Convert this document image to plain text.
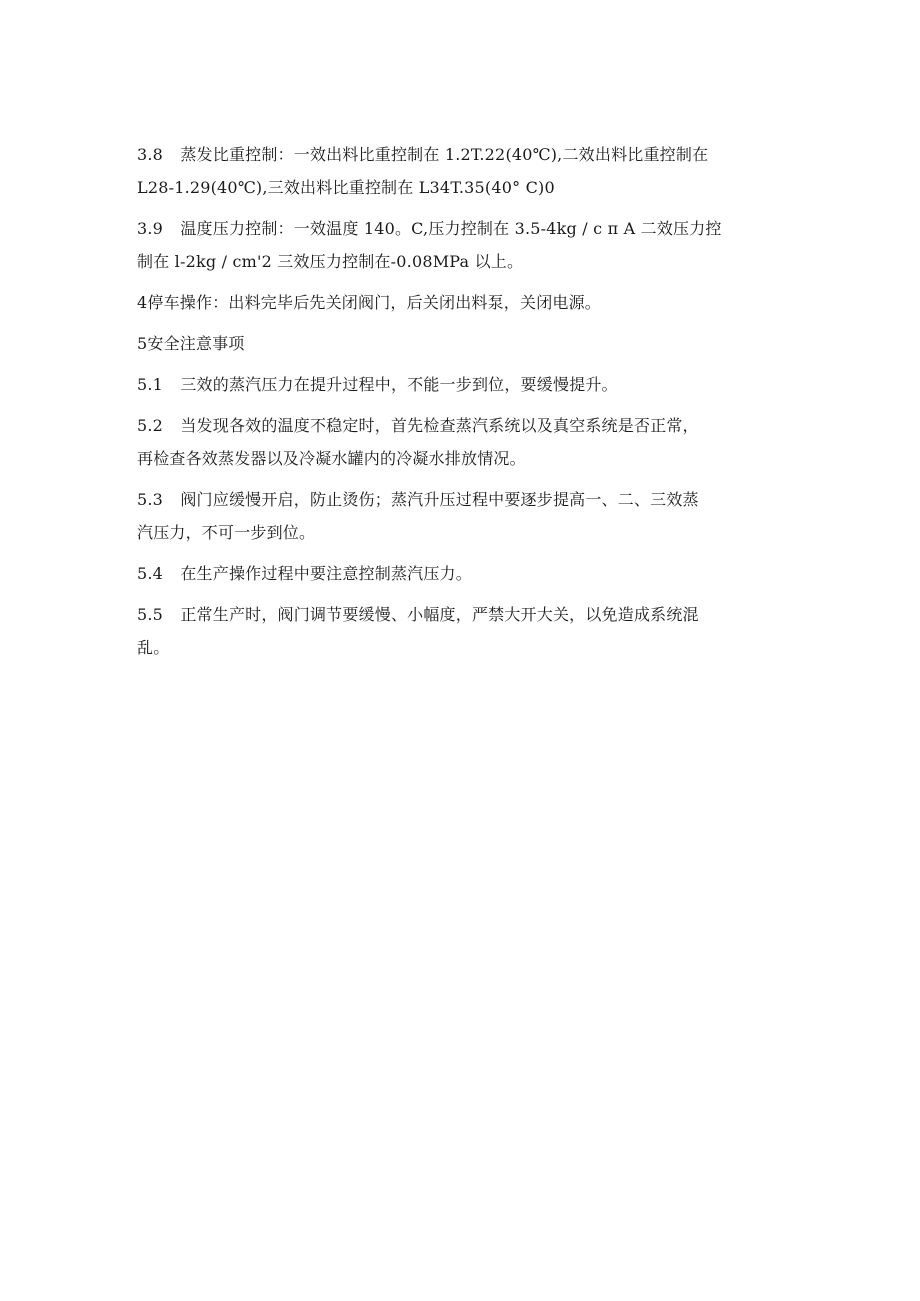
3.8 蒸发比重控制：一效出料比重控制在 1.2T.22(40℃),二效出料比重控制在
L28-1.29(40℃),三效出料比重控制在 L34T.35(40° C)0
3.9 温度压力控制：一效温度 140。C,压力控制在 3.5-4kg / c π A 二效压力控
制在 l-2kg / cm'2 三效压力控制在-0.08MPa 以上。
4停车操作：出料完毕后先关闭阀门，后关闭出料泵，关闭电源。
5安全注意事项
5.1 三效的蒸汽压力在提升过程中，不能一步到位，要缓慢提升。
5.2 当发现各效的温度不稳定时，首先检查蒸汽系统以及真空系统是否正常，
再检查各效蒸发器以及冷凝水罐内的冷凝水排放情况。
5.3 阀门应缓慢开启，防止烫伤；蒸汽升压过程中要逐步提高一、二、三效蒸
汽压力，不可一步到位。
5.4 在生产操作过程中要注意控制蒸汽压力。
5.5 正常生产时，阀门调节要缓慢、小幅度，严禁大开大关，以免造成系统混
乱。
